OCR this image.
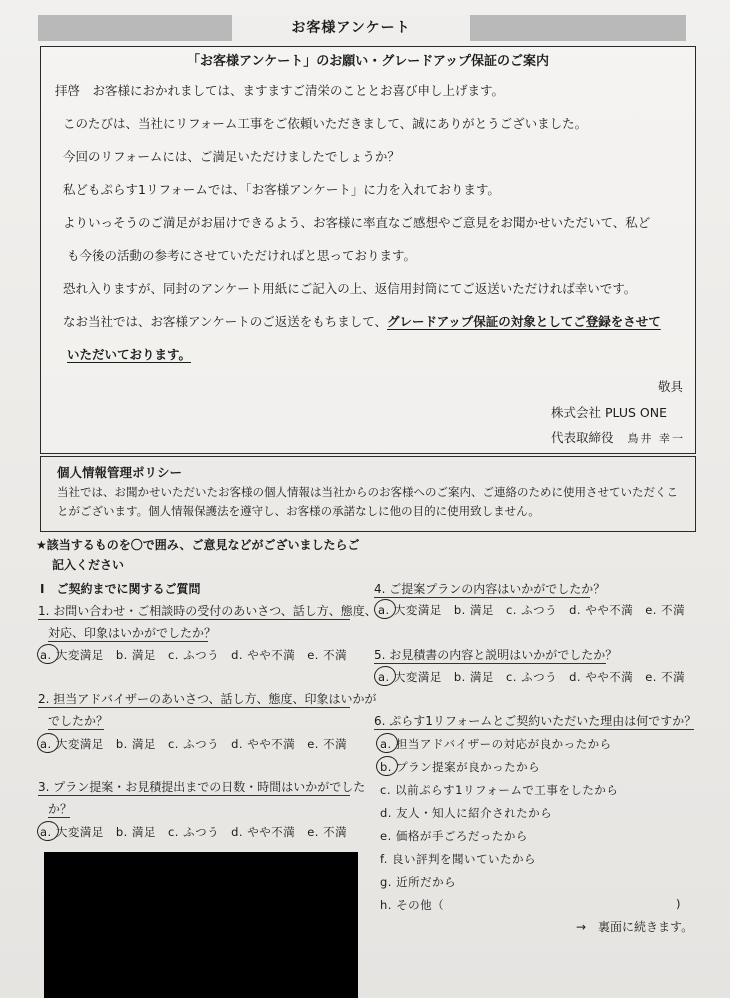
お客様アンケート
「お客様アンケート」のお願い・グレードアップ保証のご案内
拝啓　お客様におかれましては、ますますご清栄のこととお喜び申し上げます。
このたびは、当社にリフォーム工事をご依頼いただきまして、誠にありがとうございました。
今回のリフォームには、ご満足いただけましたでしょうか？
私どもぷらす1リフォームでは、「お客様アンケート」に力を入れております。
よりいっそうのご満足がお届けできるよう、お客様に率直なご感想やご意見をお聞かせいただいて、私ど
も今後の活動の参考にさせていただければと思っております。
恐れ入りますが、同封のアンケート用紙にご記入の上、返信用封筒にてご返送いただければ幸いです。
なお当社では、お客様アンケートのご返送をもちまして、グレードアップ保証の対象としてご登録をさせて
いただいております。
敬具
株式会社 PLUS ONE
代表取締役 鳥井 幸一
個人情報管理ポリシー
当社では、お聞かせいただいたお客様の個人情報は当社からのお客様へのご案内、ご連絡のために使用させていただくことがございます。個人情報保護法を遵守し、お客様の承諾なしに他の目的に使用致しません。
★該当するものを〇で囲み、ご意見などがございましたらご
記入ください
Ⅰ　ご契約までに関するご質問
1. お問い合わせ・ご相談時の受付のあいさつ、話し方、態度、
対応、印象はいかがでしたか？
a. 大変満足　b. 満足　c. ふつう　d. やや不満　e. 不満
2. 担当アドバイザーのあいさつ、話し方、態度、印象はいかが
でしたか？
a. 大変満足　b. 満足　c. ふつう　d. やや不満　e. 不満
3. プラン提案・お見積提出までの日数・時間はいかがでした
か？
a. 大変満足　b. 満足　c. ふつう　d. やや不満　e. 不満
4. ご提案プランの内容はいかがでしたか？
a. 大変満足　b. 満足　c. ふつう　d. やや不満　e. 不満
5. お見積書の内容と説明はいかがでしたか？
a. 大変満足　b. 満足　c. ふつう　d. やや不満　e. 不満
6. ぷらす1リフォームとご契約いただいた理由は何ですか？
a. 担当アドバイザーの対応が良かったから
b. プラン提案が良かったから
c. 以前ぷらす1リフォームで工事をしたから
d. 友人・知人に紹介されたから
e. 価格が手ごろだったから
f. 良い評判を聞いていたから
g. 近所だから
h. その他（	)
→　裏面に続きます。
